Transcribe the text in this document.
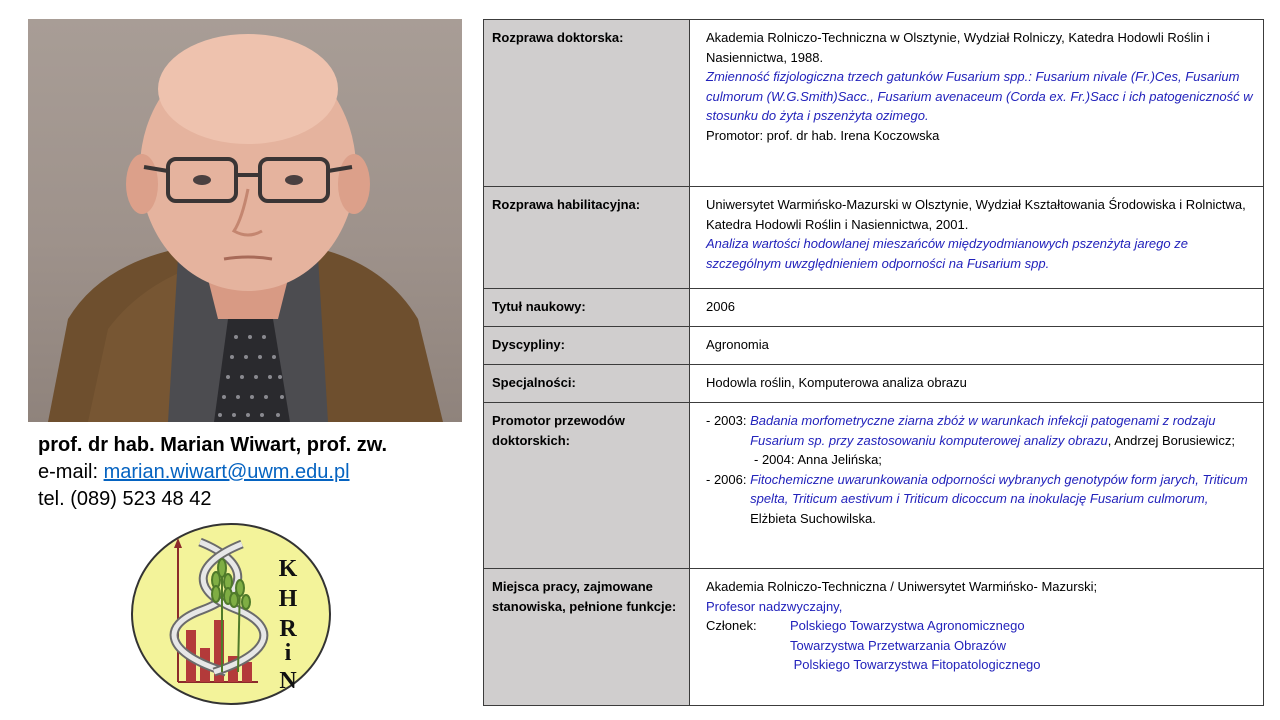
prof. dr hab. Marian Wiwart, prof. zw.
e-mail: marian.wiwart@uwm.edu.pl
tel. (089) 523 48 42
K
H
R
i
N
Rozprawa doktorska:	Akademia Rolniczo-Techniczna w Olsztynie, Wydział Rolniczy, Katedra Hodowli Roślin i Nasiennictwa, 1988.
Zmienność fizjologiczna trzech gatunków Fusarium spp.: Fusarium nivale (Fr.)Ces, Fusarium culmorum (W.G.Smith)Sacc., Fusarium avenaceum (Corda ex. Fr.)Sacc i ich patogeniczność w stosunku do żyta i pszenżyta ozimego.
Promotor: prof. dr hab. Irena Koczowska

Rozprawa habilitacyjna:	Uniwersytet Warmińsko-Mazurski w Olsztynie, Wydział Kształtowania Środowiska i Rolnictwa, Katedra Hodowli Roślin i Nasiennictwa, 2001.
Analiza wartości hodowlanej mieszańców międzyodmianowych pszenżyta jarego ze szczególnym uwzględnieniem odporności na Fusarium spp.

Tytuł naukowy:	2006
Dyscypliny:	Agronomia
Specjalności:	Hodowla roślin, Komputerowa analiza obrazu
Promotor przewodów doktorskich:	- 2003: Badania morfometryczne ziarna zbóż w warunkach infekcji patogenami z rodzaju Fusarium sp. przy zastosowaniu komputerowej analizy obrazu, Andrzej Borusiewicz;
- 2004: Anna Jelińska;
- 2006: Fitochemiczne uwarunkowania odporności wybranych genotypów form jarych, Triticum spelta, Triticum aestivum i Triticum dicoccum na inokulację Fusarium culmorum, Elżbieta Suchowilska.

Miejsca pracy, zajmowane stanowiska, pełnione funkcje:	Akademia Rolniczo-Techniczna / Uniwersytet Warmińsko- Mazurski;
Profesor nadzwyczajny,
Członek: Polskiego Towarzystwa Agronomicznego
Towarzystwa Przetwarzania Obrazów
Polskiego Towarzystwa Fitopatologicznego
